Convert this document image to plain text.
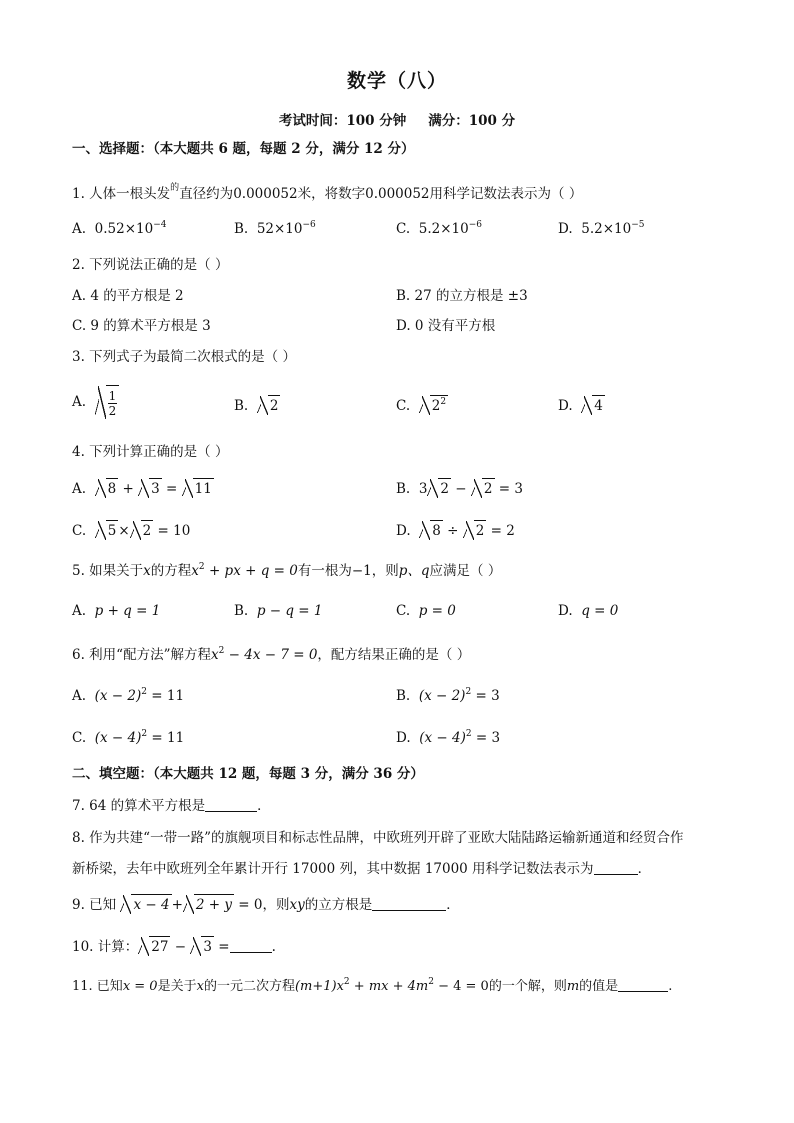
数学（八）
考试时间：100 分钟 满分：100 分
一、选择题：（本大题共 6 题，每题 2 分，满分 12 分）
1. 人体一根头发$^的$直径约为0.000052米，将数字0.000052用科学记数法表示为（ ）
A. $0.52\times 10^{-4}$	B. $52\times 10^{-6}$	C. $5.2\times 10^{-6}$	D. $5.2\times 10^{-5}$
2. 下列说法正确的是（ ）
A. 4 的平方根是 2	B. 27 的立方根是 ±3
C. 9 的算术平方根是 3	D. 0 没有平方根
3. 下列式子为最简二次根式的是（ ）
A. $\frac{1}{2}$	B. 2	C. $2^2$	D. 4
4. 下列计算正确的是（ ）
A. 8 + 3 = 11	B. 3 2 − 2 = 3
C. 5 × 2 = 10	D. 8 ÷ 2 = 2
5. 如果关于x的方程$x^2$ + px + q = 0有一根为−1，则p、q应满足（ ）
A. p + q = 1	B. p − q = 1	C. p = 0	D. q = 0
6. 利用“配方法”解方程$x^2 - 4x - 7 = 0$，配方结果正确的是（ ）
A. $(x - 2)^2 = 11$	B. $(x - 2)^2 = 3$
C. $(x - 4)^2 = 11$	D. $(x - 4)^2 = 3$
二、填空题：（本大题共 12 题，每题 3 分，满分 36 分）
7. 64 的算术平方根是	．
8. 作为共建“一带一路”的旗舰项目和标志性品牌，中欧班列开辟了亚欧大陆陆路运输新通道和经贸合作
新桥梁，去年中欧班列全年累计开行 17000 列，其中数据 17000 用科学记数法表示为	．
9. 已知 x − 4 + 2 + y = 0，则xy的立方根是	．
10. 计算： 27 − 3 =	.
11. 已知x = 0是关于x的一元二次方程$(m+1)x^2$ + mx + $4m^2 - 4 = 0$的一个解，则m的值是	.
